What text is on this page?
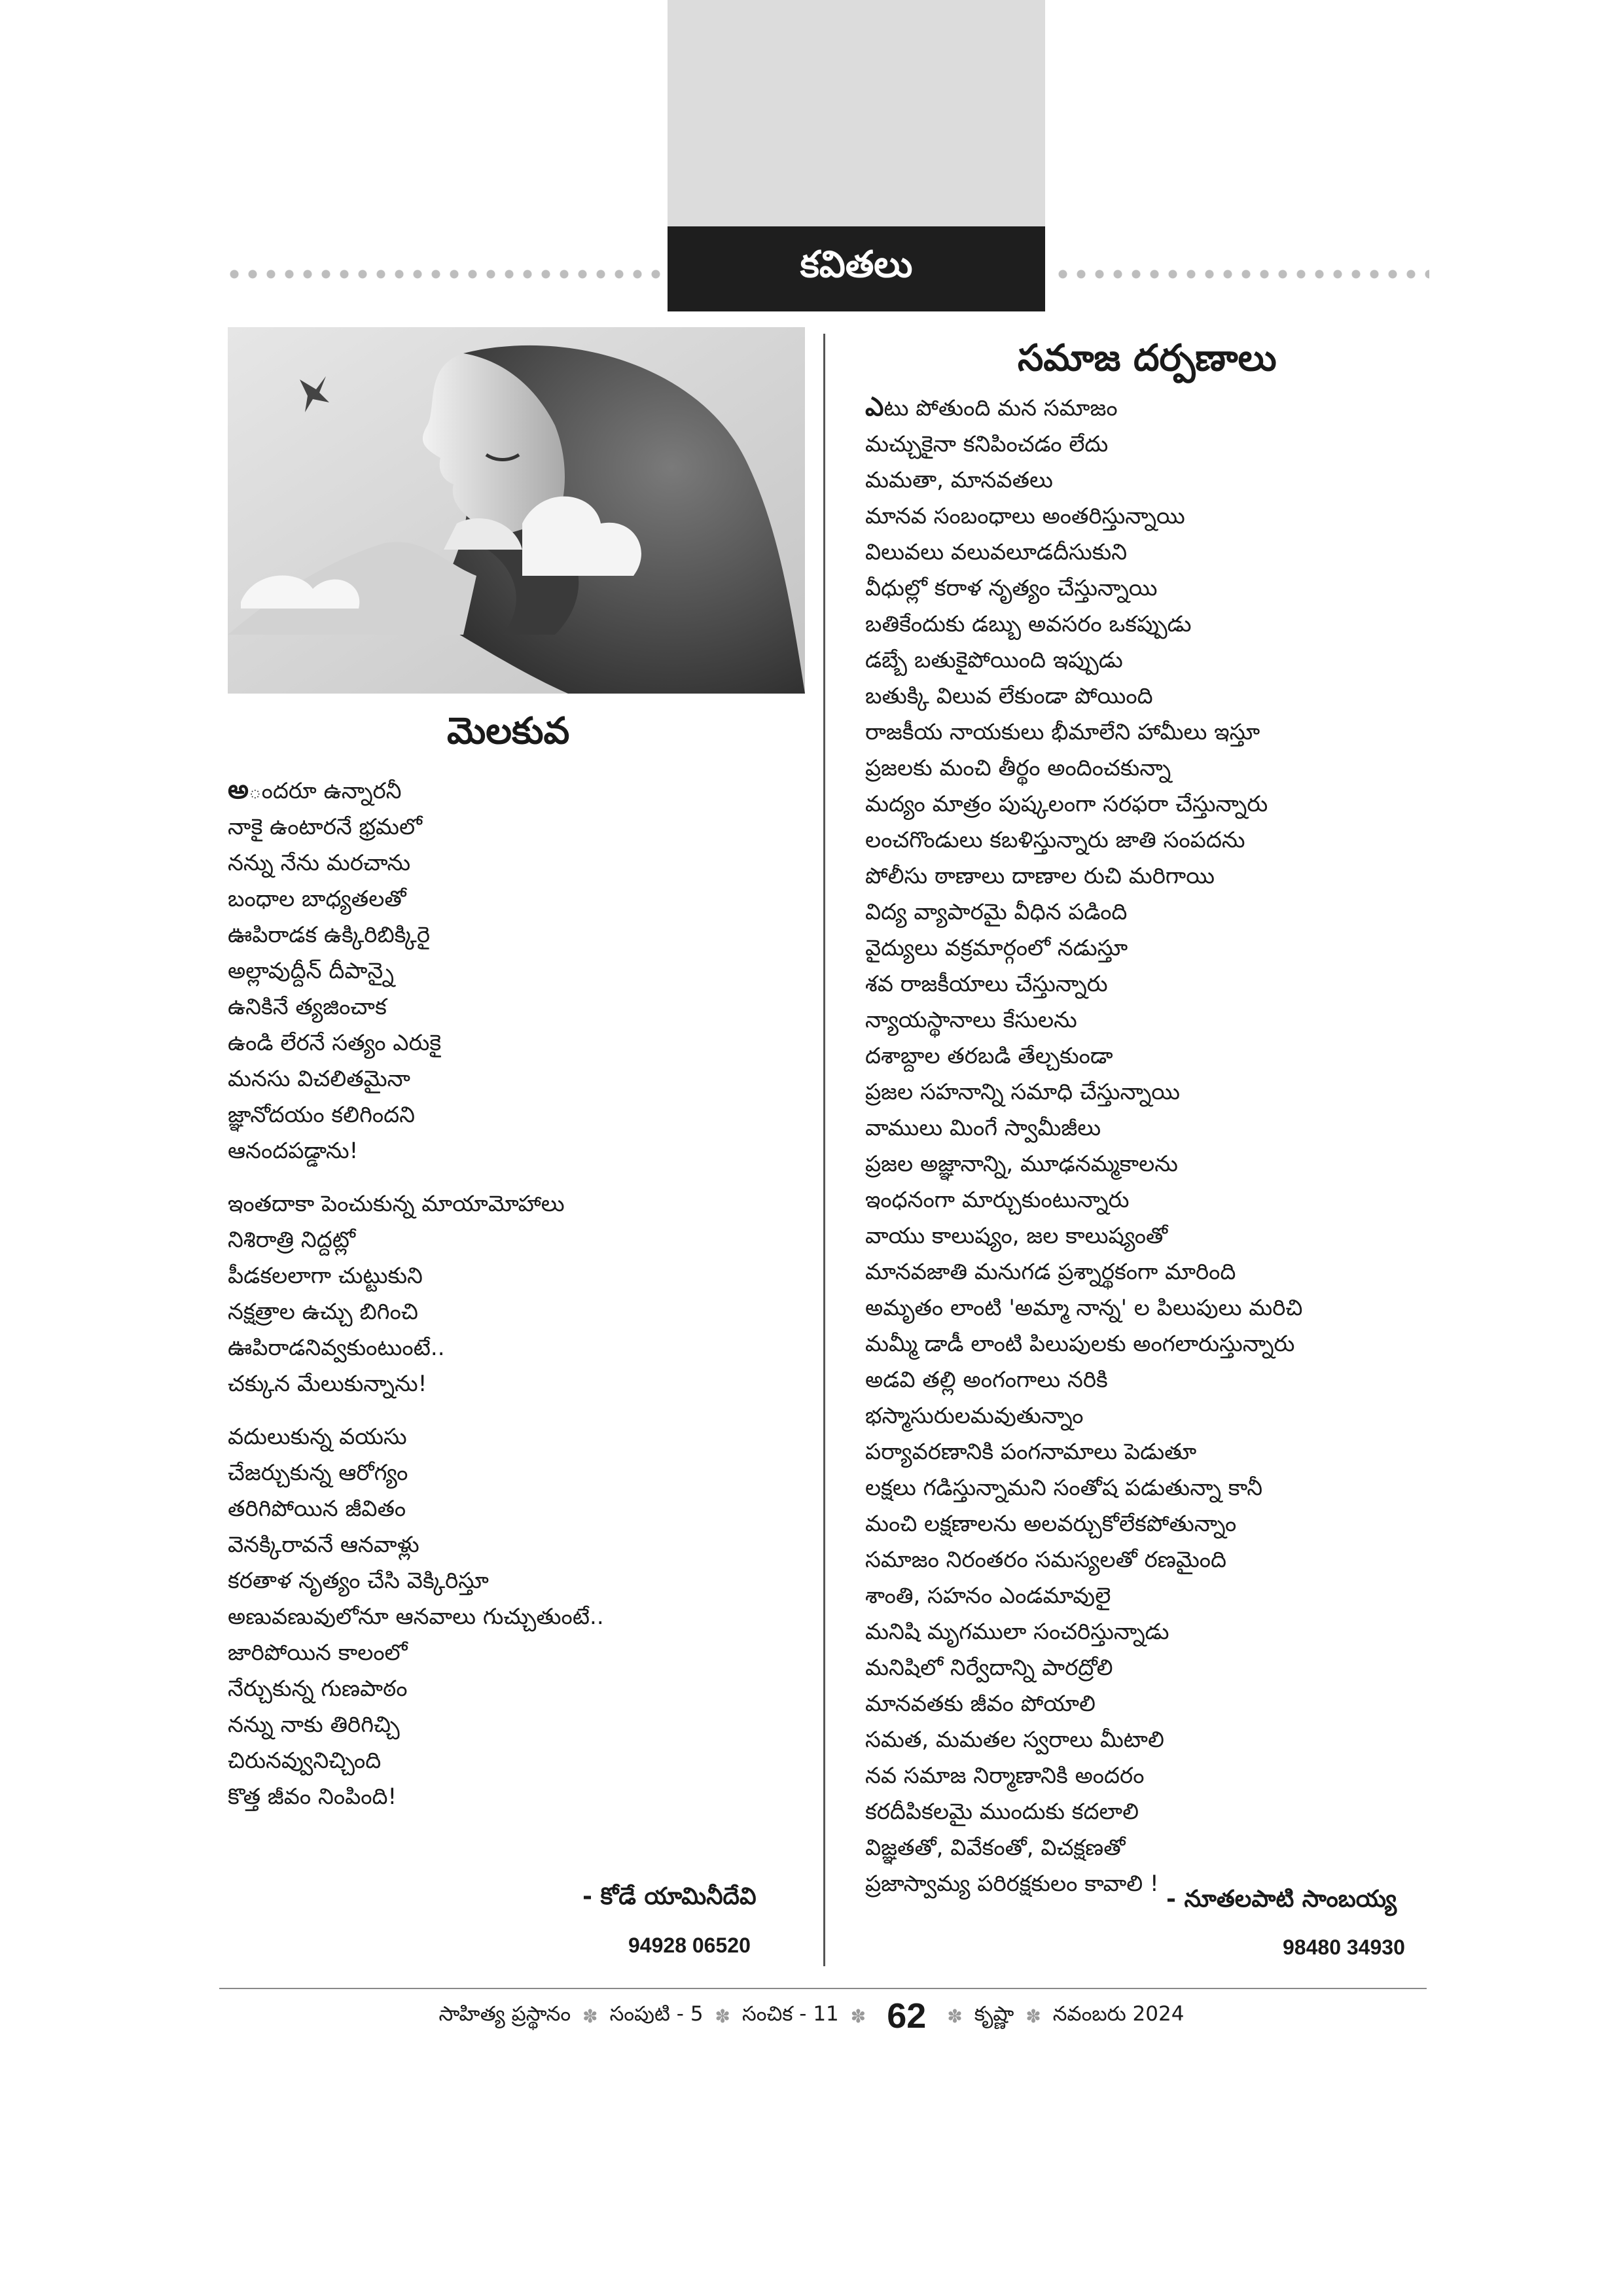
కవితలు
మెలకువ
అందరూ ఉన్నారనీ
నాకై ఉంటారనే భ్రమలో
నన్ను నేను మరచాను
బంధాల బాధ్యతలతో
ఊపిరాడక ఉక్కిరిబిక్కిరై
అల్లావుద్దీన్ దీపాన్నై
ఉనికినే త్యజించాక
ఉండి లేరనే సత్యం ఎరుకై
మనసు విచలితమైనా
జ్ఞానోదయం కలిగిందని
ఆనందపడ్డాను!
ఇంతదాకా పెంచుకున్న మాయామోహాలు
నిశిరాత్రి నిద్దట్లో
పీడకలలాగా చుట్టుకుని
నక్షత్రాల ఉచ్చు బిగించి
ఊపిరాడనివ్వకుంటుంటే..
చక్కున మేలుకున్నాను!
వదులుకున్న వయసు
చేజర్చుకున్న ఆరోగ్యం
తరిగిపోయిన జీవితం
వెనక్కిరావనే ఆనవాళ్లు
కరతాళ నృత్యం చేసి వెక్కిరిస్తూ
అణువణువులోనూ ఆనవాలు గుచ్చుతుంటే..
జారిపోయిన కాలంలో
నేర్చుకున్న గుణపాఠం
నన్ను నాకు తిరిగిచ్చి
చిరునవ్వునిచ్చింది
కొత్త జీవం నింపింది!
- కోడే యామినీదేవి
94928 06520
సమాజ దర్పణాలు
ఎటు పోతుంది మన సమాజం
మచ్చుకైనా కనిపించడం లేదు
మమతా, మానవతలు
మానవ సంబంధాలు అంతరిస్తున్నాయి
విలువలు వలువలూడదీసుకుని
వీధుల్లో కరాళ నృత్యం చేస్తున్నాయి
బతికేందుకు డబ్బు అవసరం ఒకప్పుడు
డబ్బే బతుకైపోయింది ఇప్పుడు
బతుక్కి విలువ లేకుండా పోయింది
రాజకీయ నాయకులు భీమాలేని హామీలు ఇస్తూ
ప్రజలకు మంచి తీర్థం అందించకున్నా
మద్యం మాత్రం పుష్కలంగా సరఫరా చేస్తున్నారు
లంచగొండులు కబళిస్తున్నారు జాతి సంపదను
పోలీసు ఠాణాలు దాణాల రుచి మరిగాయి
విద్య వ్యాపారమై వీధిన పడింది
వైద్యులు వక్రమార్గంలో నడుస్తూ
శవ రాజకీయాలు చేస్తున్నారు
న్యాయస్థానాలు కేసులను
దశాబ్దాల తరబడి తేల్చకుండా
ప్రజల సహనాన్ని సమాధి చేస్తున్నాయి
వాములు మింగే స్వామీజీలు
ప్రజల అజ్ఞానాన్ని, మూఢనమ్మకాలను
ఇంధనంగా మార్చుకుంటున్నారు
వాయు కాలుష్యం, జల కాలుష్యంతో
మానవజాతి మనుగడ ప్రశ్నార్థకంగా మారింది
అమృతం లాంటి 'అమ్మా నాన్న' ల పిలుపులు మరిచి
మమ్మీ డాడీ లాంటి పిలుపులకు అంగలారుస్తున్నారు
అడవి తల్లి అంగంగాలు నరికి
భస్మాసురులమవుతున్నాం
పర్యావరణానికి పంగనామాలు పెడుతూ
లక్షలు గడిస్తున్నామని సంతోష పడుతున్నా కానీ
మంచి లక్షణాలను అలవర్చుకోలేకపోతున్నాం
సమాజం నిరంతరం సమస్యలతో రణమైంది
శాంతి, సహనం ఎండమావులై
మనిషి మృగములా సంచరిస్తున్నాడు
మనిషిలో నిర్వేదాన్ని పారద్రోలి
మానవతకు జీవం పోయాలి
సమత, మమతల స్వరాలు మీటాలి
నవ సమాజ నిర్మాణానికి అందరం
కరదీపికలమై ముందుకు కదలాలి
విజ్ఞతతో, వివేకంతో, విచక్షణతో
ప్రజాస్వామ్య పరిరక్షకులం కావాలి !
- నూతలపాటి సాంబయ్య
98480 34930
సాహిత్య ప్రస్థానం ✽ సంపుటి - 5 ✽ సంచిక - 11 ✽ 62 ✽ కృష్ణా ✽ నవంబరు 2024
